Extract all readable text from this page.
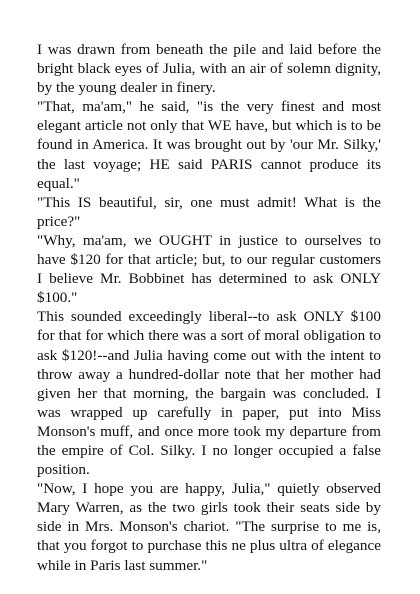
I was drawn from beneath the pile and laid before the bright black eyes of Julia, with an air of solemn dignity, by the young dealer in finery.

"That, ma'am," he said, "is the very finest and most elegant article not only that WE have, but which is to be found in America. It was brought out by 'our Mr. Silky,' the last voyage; HE said PARIS cannot produce its equal."

"This IS beautiful, sir, one must admit! What is the price?"

"Why, ma'am, we OUGHT in justice to ourselves to have $120 for that article; but, to our regular customers I believe Mr. Bobbinet has determined to ask ONLY $100."

This sounded exceedingly liberal--to ask ONLY $100 for that for which there was a sort of moral obligation to ask $120!--and Julia having come out with the intent to throw away a hundred-dollar note that her mother had given her that morning, the bargain was concluded. I was wrapped up carefully in paper, put into Miss Monson's muff, and once more took my departure from the empire of Col. Silky. I no longer occupied a false position.

"Now, I hope you are happy, Julia," quietly observed Mary Warren, as the two girls took their seats side by side in Mrs. Monson's chariot. "The surprise to me is, that you forgot to purchase this ne plus ultra of elegance while in Paris last summer."
